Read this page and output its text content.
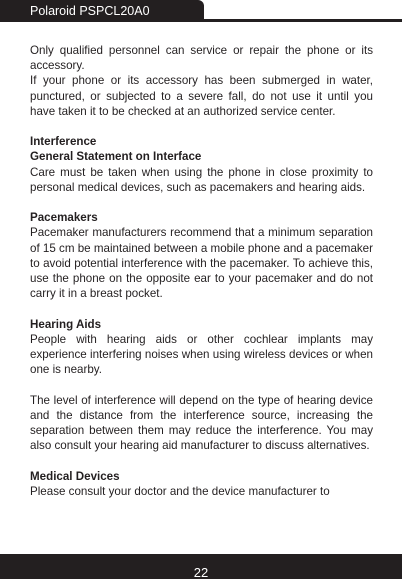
Polaroid PSPCL20A0

Only qualified personnel can service or repair the phone or its accessory.

If your phone or its accessory has been submerged in water, punctured, or subjected to a severe fall, do not use it until you have taken it to be checked at an authorized service center.

Interference

General Statement on Interface

Care must be taken when using the phone in close proximity to personal medical devices, such as pacemakers and hearing aids.

Pacemakers

Pacemaker manufacturers recommend that a minimum separation of 15 cm be maintained between a mobile phone and a pacemaker to avoid potential interference with the pacemaker. To achieve this, use the phone on the opposite ear to your pacemaker and do not carry it in a breast pocket.

Hearing Aids

People with hearing aids or other cochlear implants may experience interfering noises when using wireless devices or when one is nearby.

The level of interference will depend on the type of hearing device and the distance from the interference source, increasing the separation between them may reduce the interference. You may also consult your hearing aid manufacturer to discuss alternatives.

Medical Devices

Please consult your doctor and the device manufacturer to

22
